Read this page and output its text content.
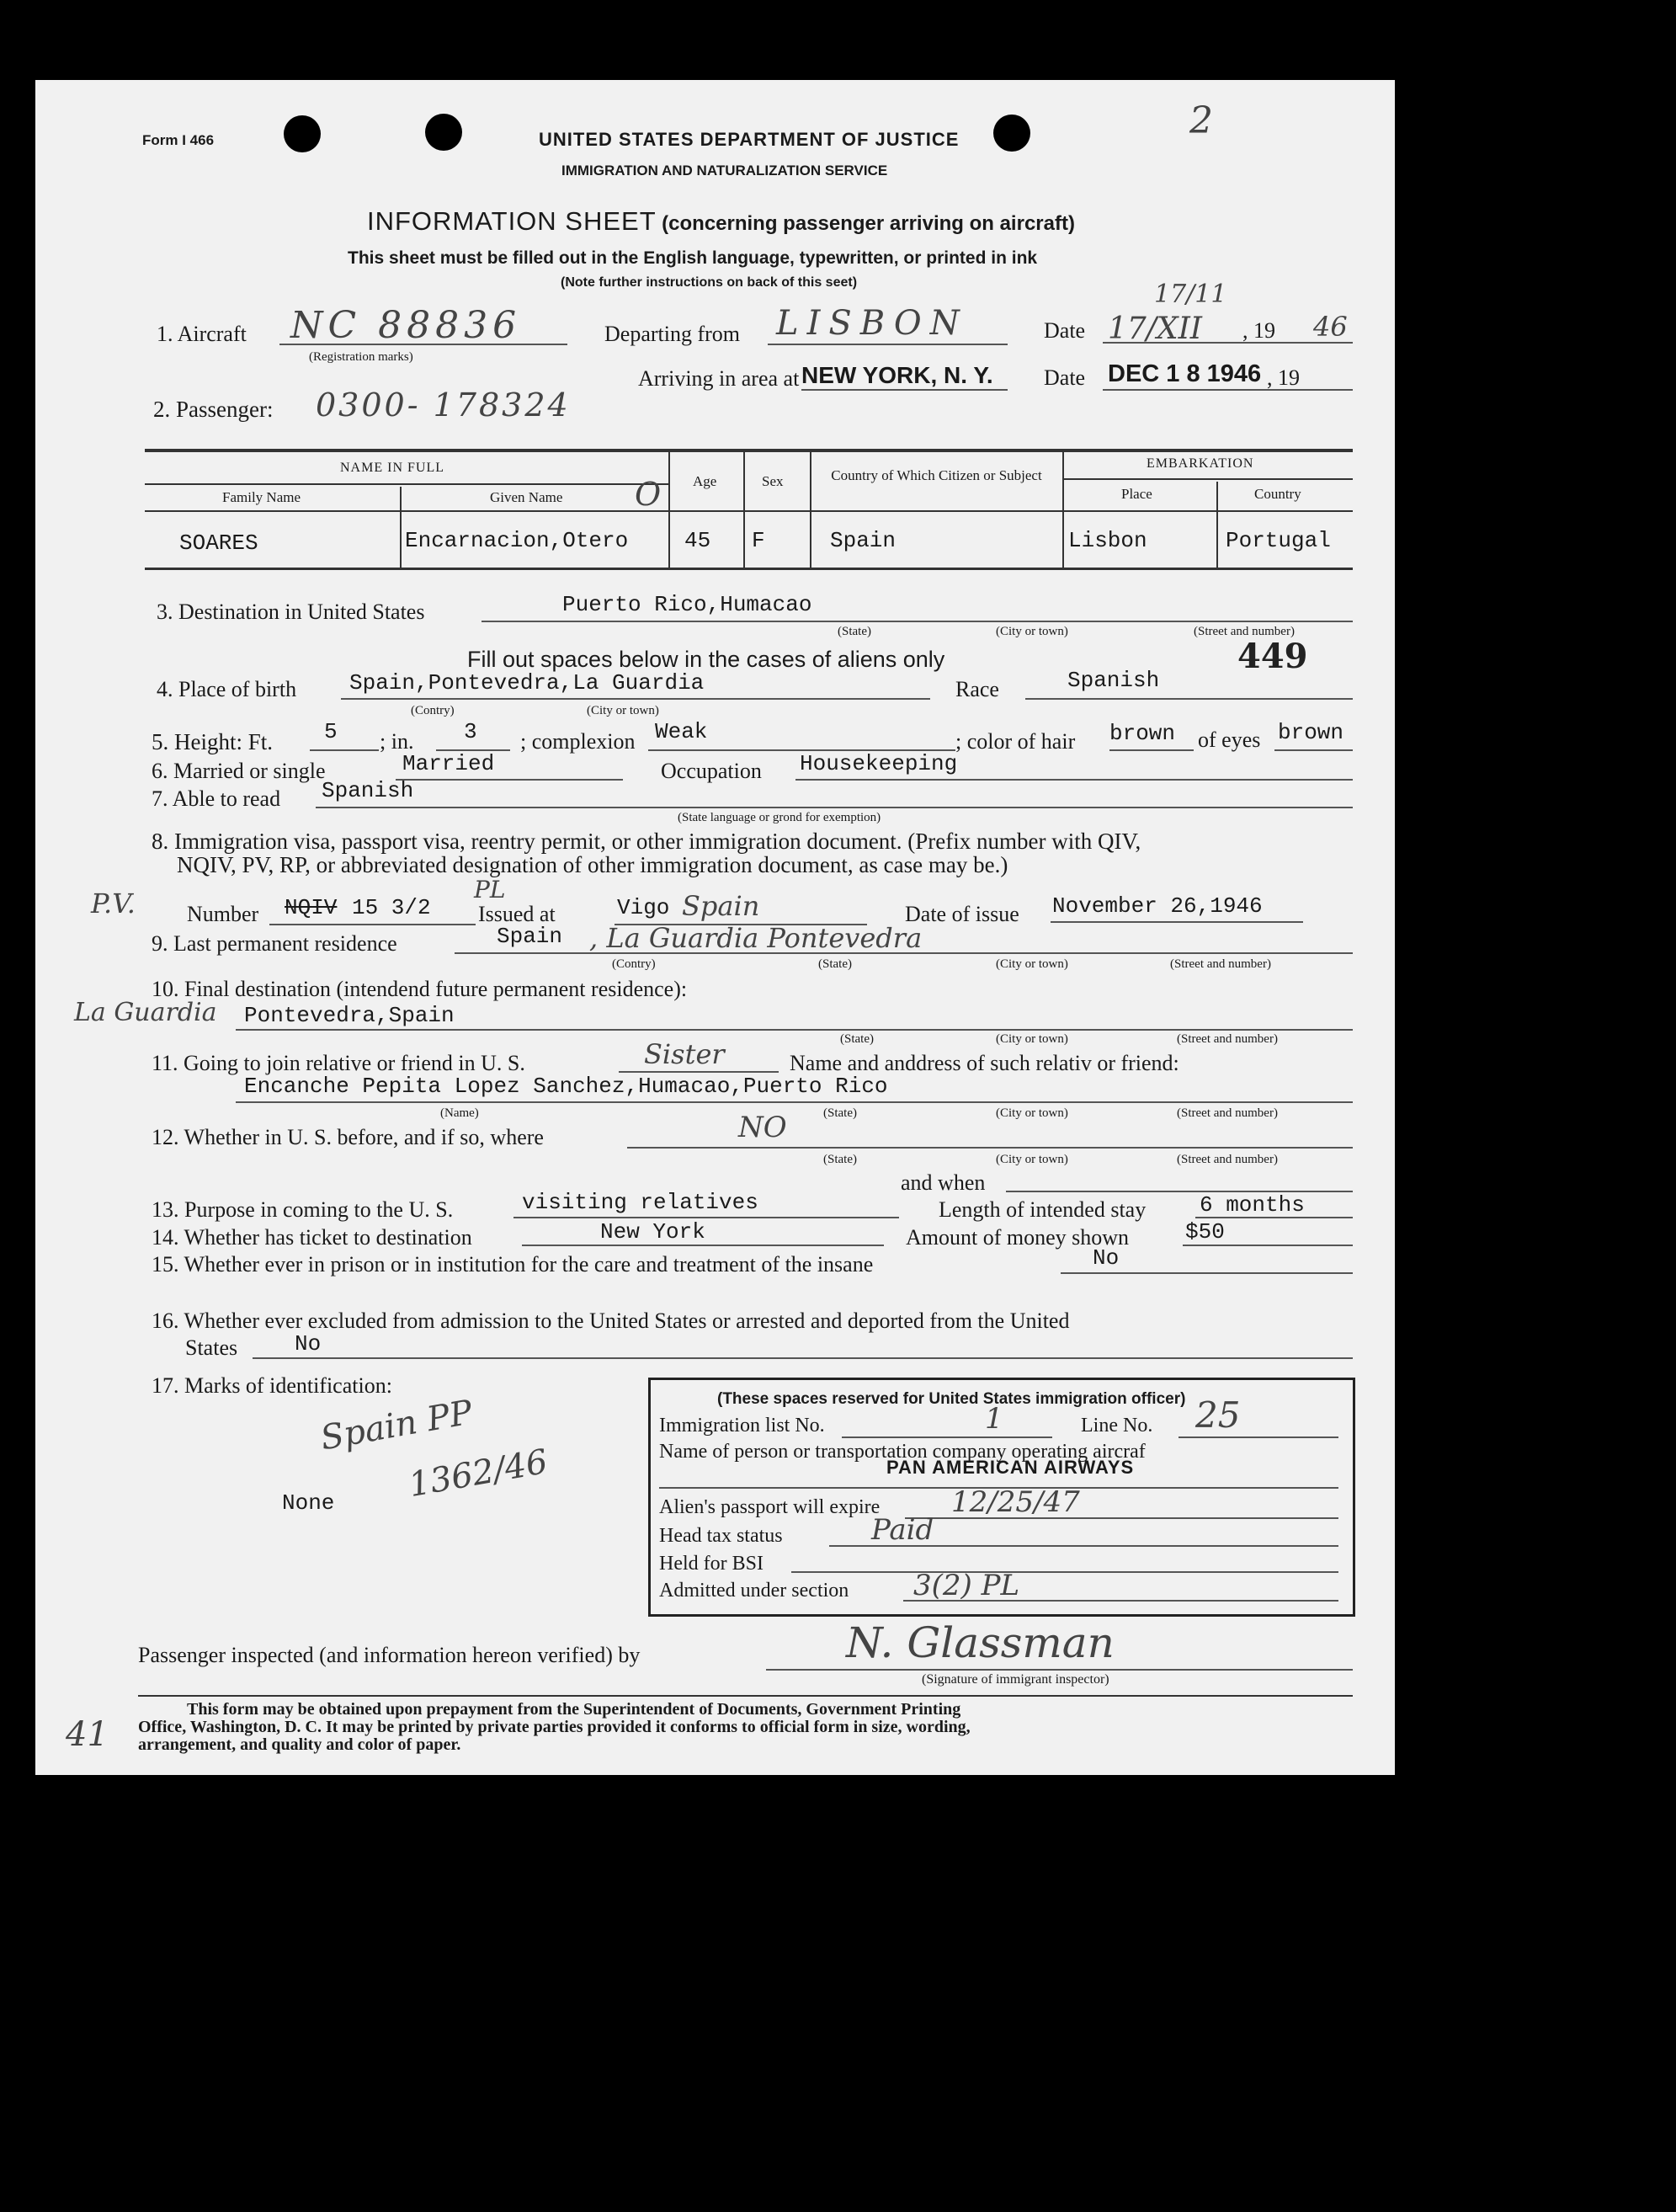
Form I 466	UNITED STATES DEPARTMENT OF JUSTICE
IMMIGRATION AND NATURALIZATION SERVICE
2
INFORMATION SHEET (concerning passenger arriving on aircraft)
This sheet must be filled out in the English language, typewritten, or printed in ink
(Note further instructions on back of this seet)
1. Aircraft NC 88836
(Registration marks)
Departing from LISBON	Date 17/XII
17/11
, 19 46
Arriving in area at NEW YORK, N. Y. Date DEC 1 8 1946 , 19
2. Passenger: 0300- 178324
NAME IN FULL
Family Name	Given Name O Age	Sex	Country of Which Citizen or Subject
EMBARKATION
Place	Country
SOARES	Encarnacion,Otero	45 F	Spain	Lisbon	Portugal
3. Destination in United States	Puerto Rico,Humacao
(State)	(City or town)	(Street and number)
Fill out spaces below in the cases of aliens only	449
4. Place of birth Spain,Pontevedra,La Guardia
(Contry)	(City or town)
Race	Spanish
5. Height: Ft. 5 ; in. 3 ; complexion Weak	; color of hair brown of eyes brown
6. Married or single	Married	Occupation Housekeeping
7. Able to read Spanish
(State language or grond for exemption)
8. Immigration visa, passport visa, reentry permit, or other immigration document. (Prefix number with QIV,
NQIV, PV, RP, or abbreviated designation of other immigration document, as case may be.)
P.V. Number NQIV 15 3/2
PL
Issued at	Vigo Spain	Date of issue November 26,1946
9. Last permanent residence	Spain , La Guardia Pontevedra
(Contry)	(State)	(City or town)	(Street and number)
10. Final destination (intendend future permanent residence):
La Guardia Pontevedra,Spain
(State)	(City or town)	(Street and number)
11. Going to join relative or friend in U. S.	Sister	Name and anddress of such relativ or friend:
Encanche Pepita Lopez Sanchez,Humacao,Puerto Rico
(Name)	(State)	(City or town)	(Street and number)
12. Whether in U. S. before, and if so, where	NO
(State)	(City or town)	(Street and number)
and when
13. Purpose in coming to the U. S.	visiting relatives	Length of intended stay 6 months
14. Whether has ticket to destination	New York	Amount of money shown	$50
15. Whether ever in prison or in institution for the care and treatment of the insane	No
16. Whether ever excluded from admission to the United States or arrested and deported from the United
States	No
17. Marks of identification:
Spain PP
1362/46
None
(These spaces reserved for United States immigration officer)
Immigration list No.	1	Line No. 25
Name of person or transportation company operating aircraf
PAN AMERICAN AIRWAYS
Alien's passport will expire 12/25/47
Head tax status	Paid
Held for BSI
Admitted under section 3(2) PL
Passenger inspected (and information hereon verified) by	N. Glassman
(Signature of immigrant inspector)
This form may be obtained upon prepayment from the Superintendent of Documents, Government Printing
Office, Washington, D. C. It may be printed by private parties provided it conforms to official form in size, wording,
arrangement, and quality and color of paper.
41
